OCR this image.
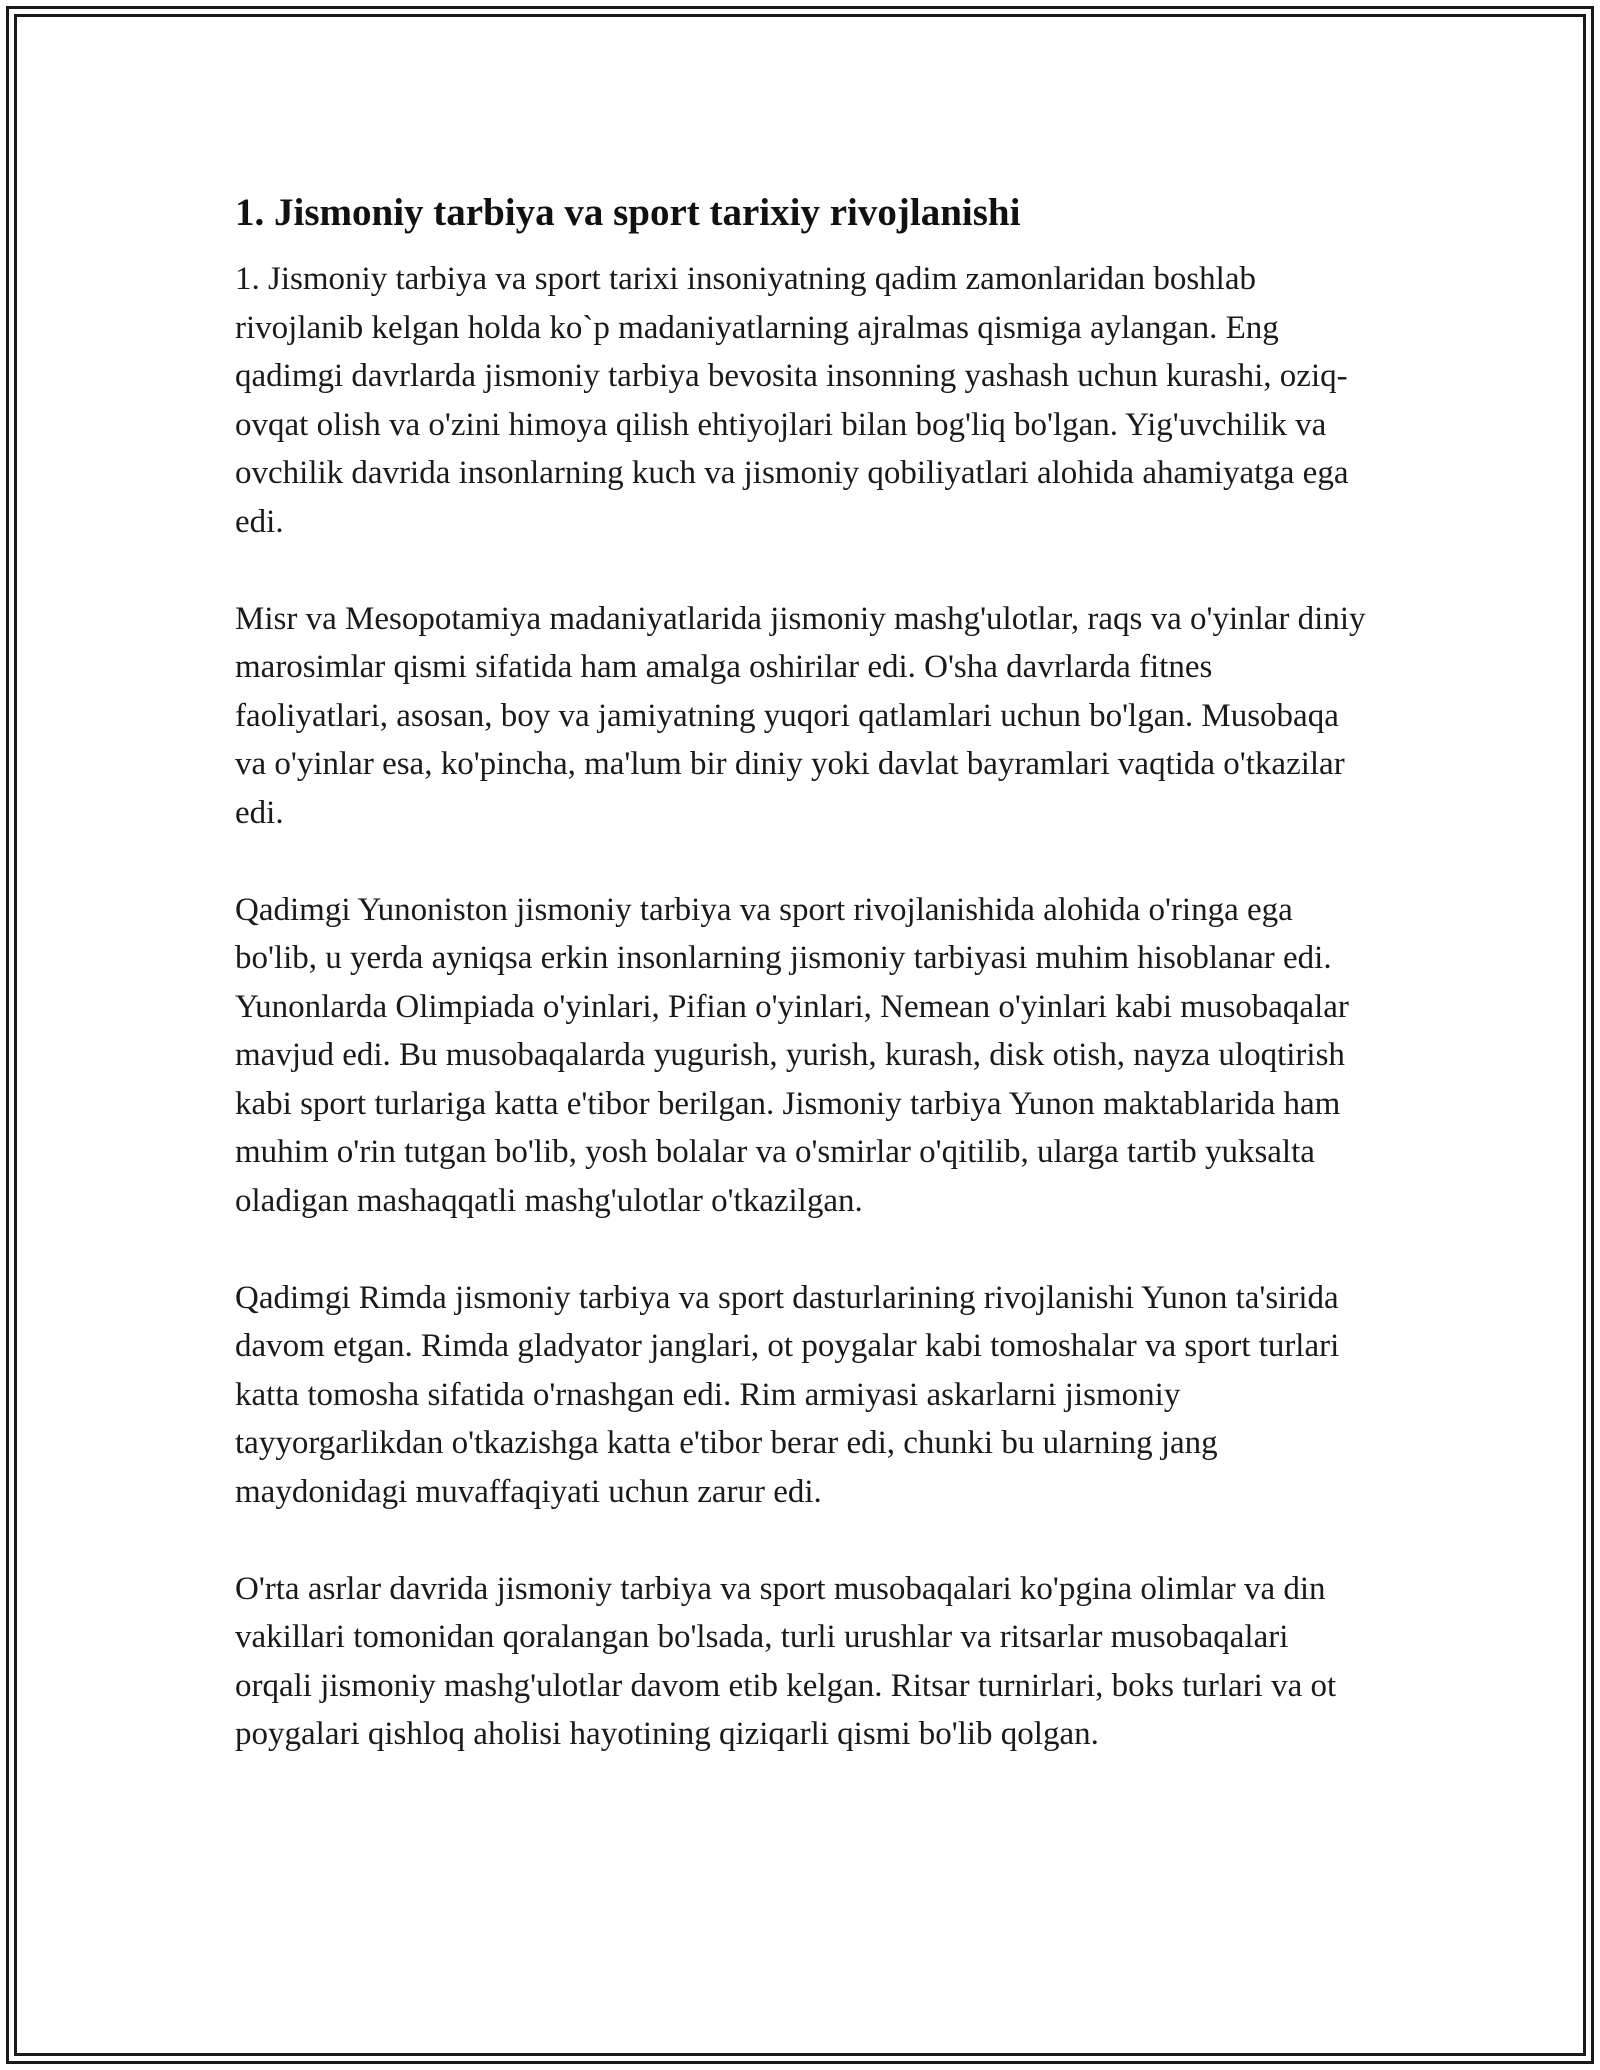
1. Jismoniy tarbiya va sport tarixiy rivojlanishi

1. Jismoniy tarbiya va sport tarixi insoniyatning qadim zamonlaridan boshlab rivojlanib kelgan holda ko`p madaniyatlarning ajralmas qismiga aylangan. Eng qadimgi davrlarda jismoniy tarbiya bevosita insonning yashash uchun kurashi, oziq-ovqat olish va o'zini himoya qilish ehtiyojlari bilan bog'liq bo'lgan. Yig'uvchilik va ovchilik davrida insonlarning kuch va jismoniy qobiliyatlari alohida ahamiyatga ega edi.

Misr va Mesopotamiya madaniyatlarida jismoniy mashg'ulotlar, raqs va o'yinlar diniy marosimlar qismi sifatida ham amalga oshirilar edi. O'sha davrlarda fitnes faoliyatlari, asosan, boy va jamiyatning yuqori qatlamlari uchun bo'lgan. Musobaqa va o'yinlar esa, ko'pincha, ma'lum bir diniy yoki davlat bayramlari vaqtida o'tkazilar edi.

Qadimgi Yunoniston jismoniy tarbiya va sport rivojlanishida alohida o'ringa ega bo'lib, u yerda ayniqsa erkin insonlarning jismoniy tarbiyasi muhim hisoblanar edi. Yunonlarda Olimpiada o'yinlari, Pifian o'yinlari, Nemean o'yinlari kabi musobaqalar mavjud edi. Bu musobaqalarda yugurish, yurish, kurash, disk otish, nayza uloqtirish kabi sport turlariga katta e'tibor berilgan. Jismoniy tarbiya Yunon maktablarida ham muhim o'rin tutgan bo'lib, yosh bolalar va o'smirlar o'qitilib, ularga tartib yuksalta oladigan mashaqqatli mashg'ulotlar o'tkazilgan.

Qadimgi Rimda jismoniy tarbiya va sport dasturlarining rivojlanishi Yunon ta'sirida davom etgan. Rimda gladyator janglari, ot poygalar kabi tomoshalar va sport turlari katta tomosha sifatida o'rnashgan edi. Rim armiyasi askarlarni jismoniy tayyorgarlikdan o'tkazishga katta e'tibor berar edi, chunki bu ularning jang maydonidagi muvaffaqiyati uchun zarur edi.

O'rta asrlar davrida jismoniy tarbiya va sport musobaqalari ko'pgina olimlar va din vakillari tomonidan qoralangan bo'lsada, turli urushlar va ritsarlar musobaqalari orqali jismoniy mashg'ulotlar davom etib kelgan. Ritsar turnirlari, boks turlari va ot poygalari qishloq aholisi hayotining qiziqarli qismi bo'lib qolgan.
